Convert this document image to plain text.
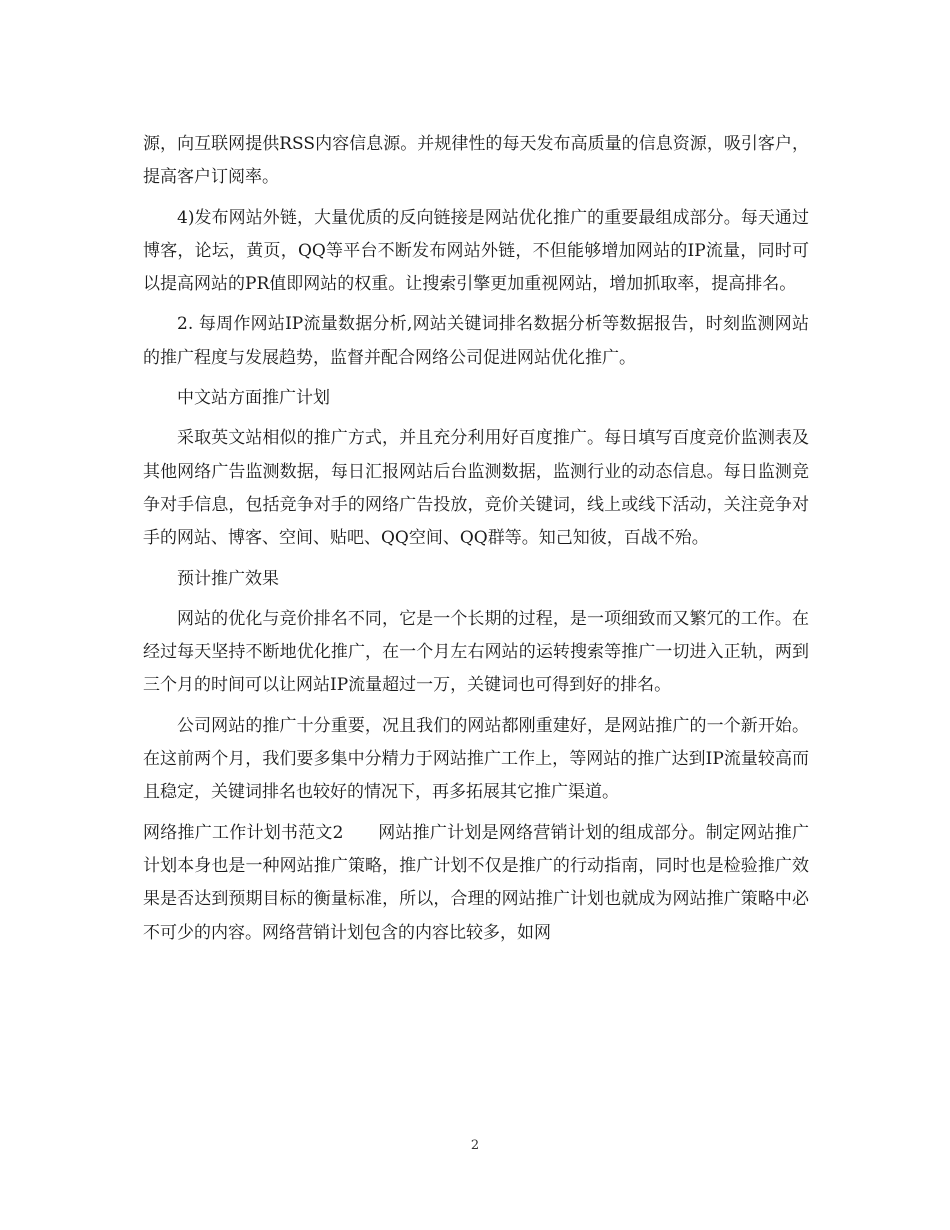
源，向互联网提供RSS内容信息源。并规律性的每天发布高质量的信息资源，吸引客户，提高客户订阅率。

4)发布网站外链，大量优质的反向链接是网站优化推广的重要最组成部分。每天通过博客，论坛，黄页，QQ等平台不断发布网站外链，不但能够增加网站的IP流量，同时可以提高网站的PR值即网站的权重。让搜索引擎更加重视网站，增加抓取率，提高排名。

2. 每周作网站IP流量数据分析,网站关键词排名数据分析等数据报告，时刻监测网站的推广程度与发展趋势，监督并配合网络公司促进网站优化推广。

中文站方面推广计划

采取英文站相似的推广方式，并且充分利用好百度推广。每日填写百度竞价监测表及其他网络广告监测数据，每日汇报网站后台监测数据，监测行业的动态信息。每日监测竞争对手信息，包括竞争对手的网络广告投放，竞价关键词，线上或线下活动，关注竞争对手的网站、博客、空间、贴吧、QQ空间、QQ群等。知己知彼，百战不殆。

预计推广效果

网站的优化与竞价排名不同，它是一个长期的过程，是一项细致而又繁冗的工作。在经过每天坚持不断地优化推广，在一个月左右网站的运转搜索等推广一切进入正轨，两到三个月的时间可以让网站IP流量超过一万，关键词也可得到好的排名。

公司网站的推广十分重要，况且我们的网站都刚重建好，是网站推广的一个新开始。在这前两个月，我们要多集中分精力于网站推广工作上，等网站的推广达到IP流量较高而且稳定，关键词排名也较好的情况下，再多拓展其它推广渠道。

网络推广工作计划书范文2　　网站推广计划是网络营销计划的组成部分。制定网站推广计划本身也是一种网站推广策略，推广计划不仅是推广的行动指南，同时也是检验推广效果是否达到预期目标的衡量标准，所以，合理的网站推广计划也就成为网站推广策略中必不可少的内容。网络营销计划包含的内容比较多，如网

2
